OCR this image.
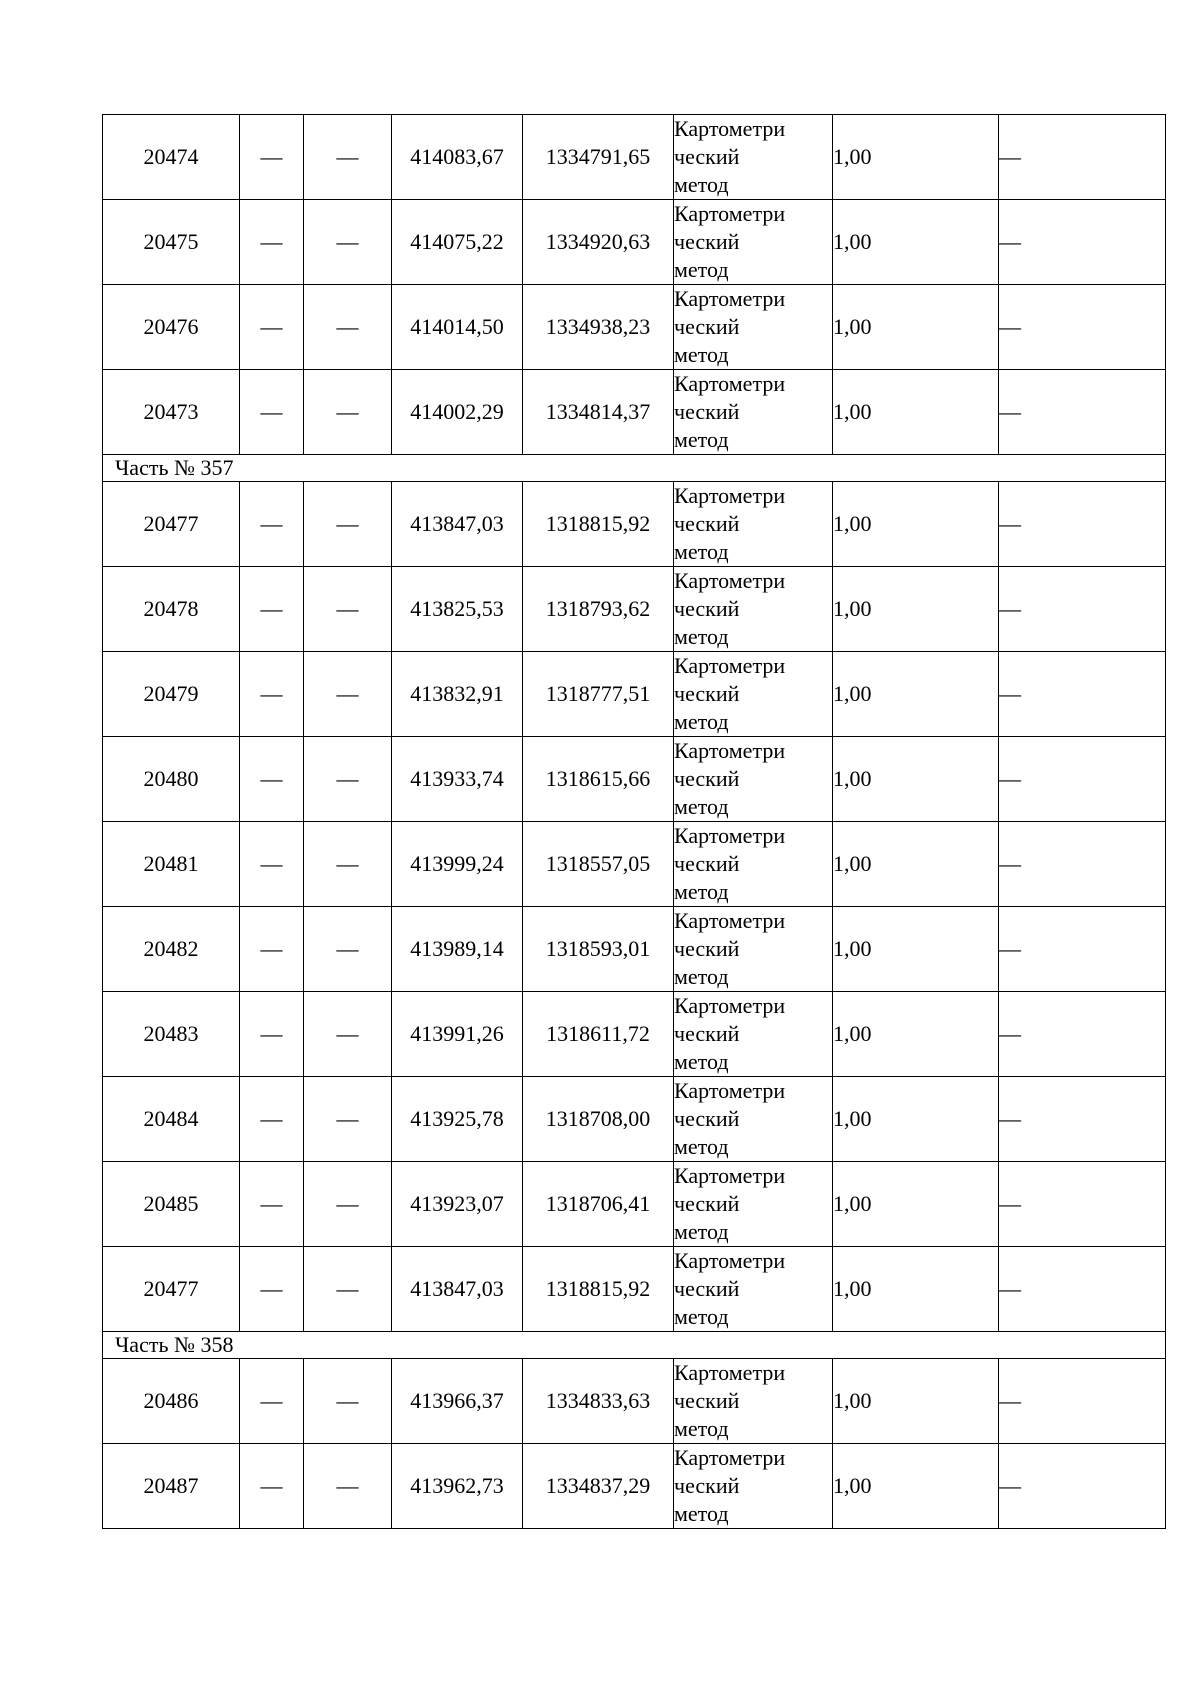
20474	—	—	414083,67	1334791,65	Картометри
ческий
метод	1,00	—
20475	—	—	414075,22	1334920,63	Картометри
ческий
метод	1,00	—
20476	—	—	414014,50	1334938,23	Картометри
ческий
метод	1,00	—
20473	—	—	414002,29	1334814,37	Картометри
ческий
метод	1,00	—
Часть № 357							
20477	—	—	413847,03	1318815,92	Картометри
ческий
метод	1,00	—
20478	—	—	413825,53	1318793,62	Картометри
ческий
метод	1,00	—
20479	—	—	413832,91	1318777,51	Картометри
ческий
метод	1,00	—
20480	—	—	413933,74	1318615,66	Картометри
ческий
метод	1,00	—
20481	—	—	413999,24	1318557,05	Картометри
ческий
метод	1,00	—
20482	—	—	413989,14	1318593,01	Картометри
ческий
метод	1,00	—
20483	—	—	413991,26	1318611,72	Картометри
ческий
метод	1,00	—
20484	—	—	413925,78	1318708,00	Картометри
ческий
метод	1,00	—
20485	—	—	413923,07	1318706,41	Картометри
ческий
метод	1,00	—
20477	—	—	413847,03	1318815,92	Картометри
ческий
метод	1,00	—
Часть № 358							
20486	—	—	413966,37	1334833,63	Картометри
ческий
метод	1,00	—
20487	—	—	413962,73	1334837,29	Картометри
ческий
метод	1,00	—
